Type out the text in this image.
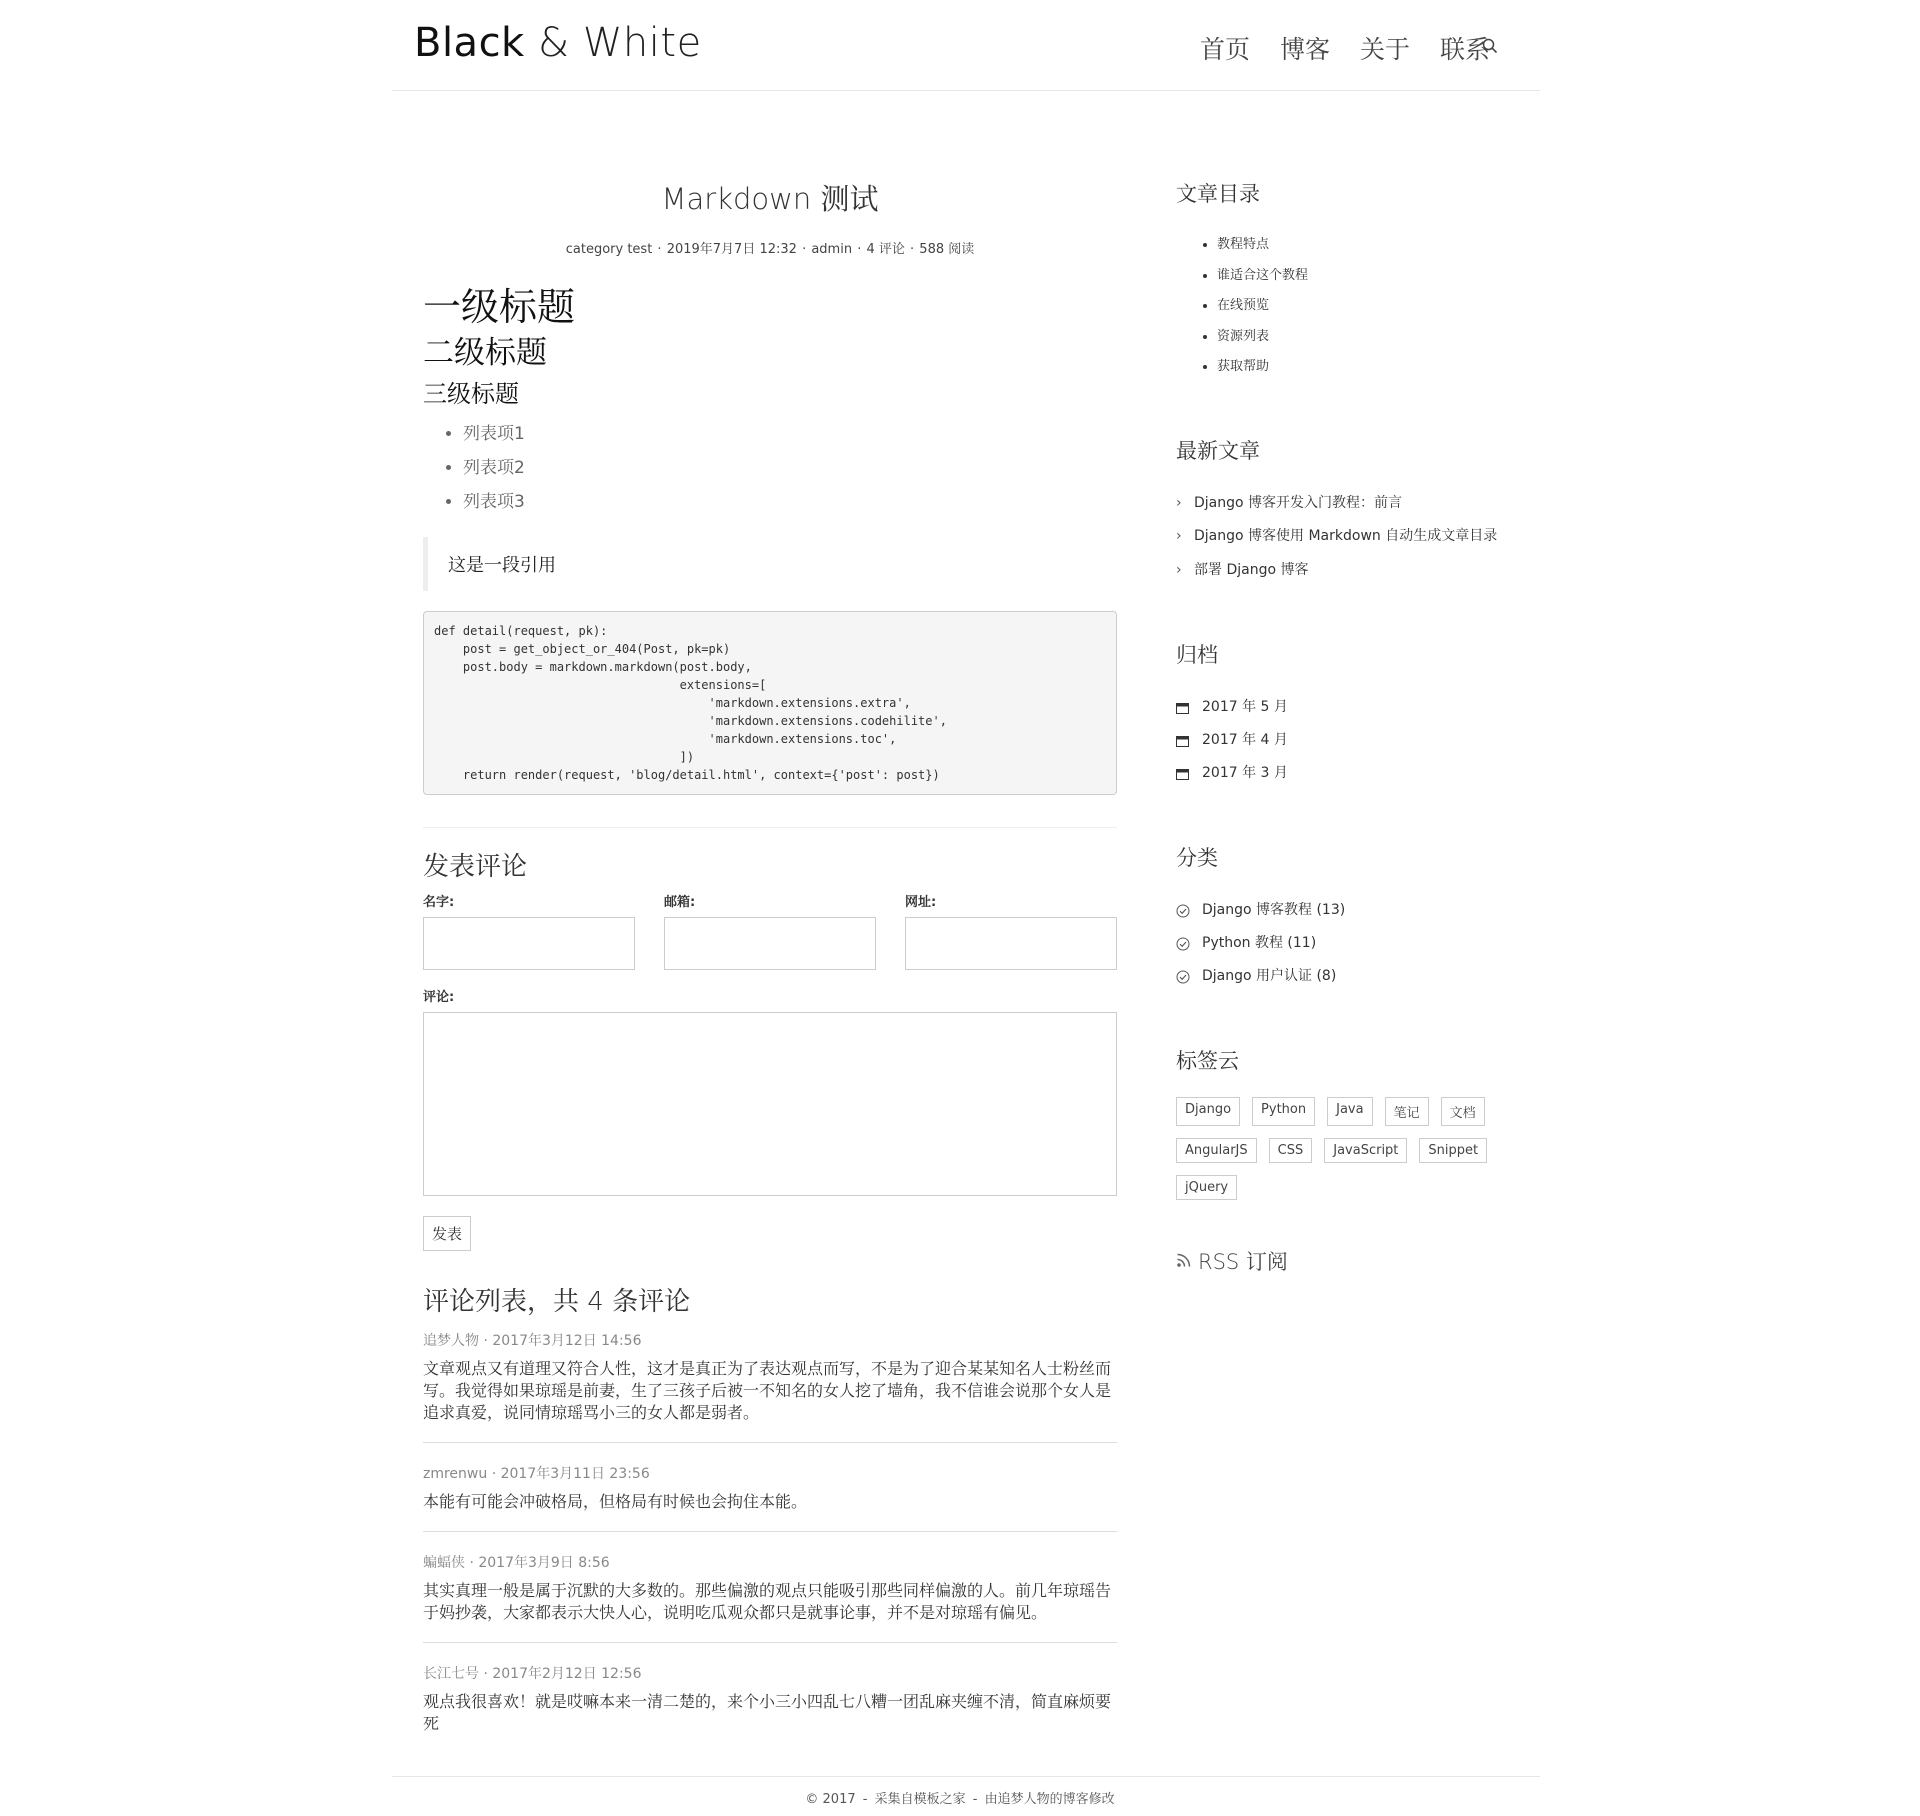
Black & White	首页 博客 关于 联系
Markdown 测试
category test · 2019年7月7日 12:32 · admin · 4 评论 · 588 阅读
一级标题
二级标题
三级标题
• 列表项1
• 列表项2
• 列表项3
这是一段引用
def detail(request, pk):
post = get_object_or_404(Post, pk=pk)
post.body = markdown.markdown(post.body,
extensions=[
'markdown.extensions.extra',
'markdown.extensions.codehilite',
'markdown.extensions.toc',
])
return render(request, 'blog/detail.html', context={'post': post})
发表评论
名字:	邮箱:	网址:
评论:
发表
评论列表，共 4 条评论
追梦人物 · 2017年3月12日 14:56
文章观点又有道理又符合人性，这才是真正为了表达观点而写，不是为了迎合某某知名人士粉丝而写。我觉得如果琼瑶是前妻，生了三孩子后被一不知名的女人挖了墙角，我不信谁会说那个女人是追求真爱，说同情琼瑶骂小三的女人都是弱者。
zmrenwu · 2017年3月11日 23:56
本能有可能会冲破格局，但格局有时候也会拘住本能。
蝙蝠侠 · 2017年3月9日 8:56
其实真理一般是属于沉默的大多数的。那些偏激的观点只能吸引那些同样偏激的人。前几年琼瑶告于妈抄袭，大家都表示大快人心，说明吃瓜观众都只是就事论事，并不是对琼瑶有偏见。
长江七号 · 2017年2月12日 12:56
观点我很喜欢！就是哎嘛本来一清二楚的，来个小三小四乱七八糟一团乱麻夹缠不清，简直麻烦要死
文章目录
• 教程特点
• 谁适合这个教程
• 在线预览
• 资源列表
• 获取帮助
最新文章
› Django 博客开发入门教程：前言
› Django 博客使用 Markdown 自动生成文章目录
› 部署 Django 博客
归档
2017 年 5 月
2017 年 4 月
2017 年 3 月
分类
Django 博客教程 (13)
Python 教程 (11)
Django 用户认证 (8)
标签云
Django	Python	Java	笔记	文档
AngularJS	CSS	JavaScript	Snippet
jQuery
RSS 订阅
© 2017 - 采集自模板之家 - 由追梦人物的博客修改
